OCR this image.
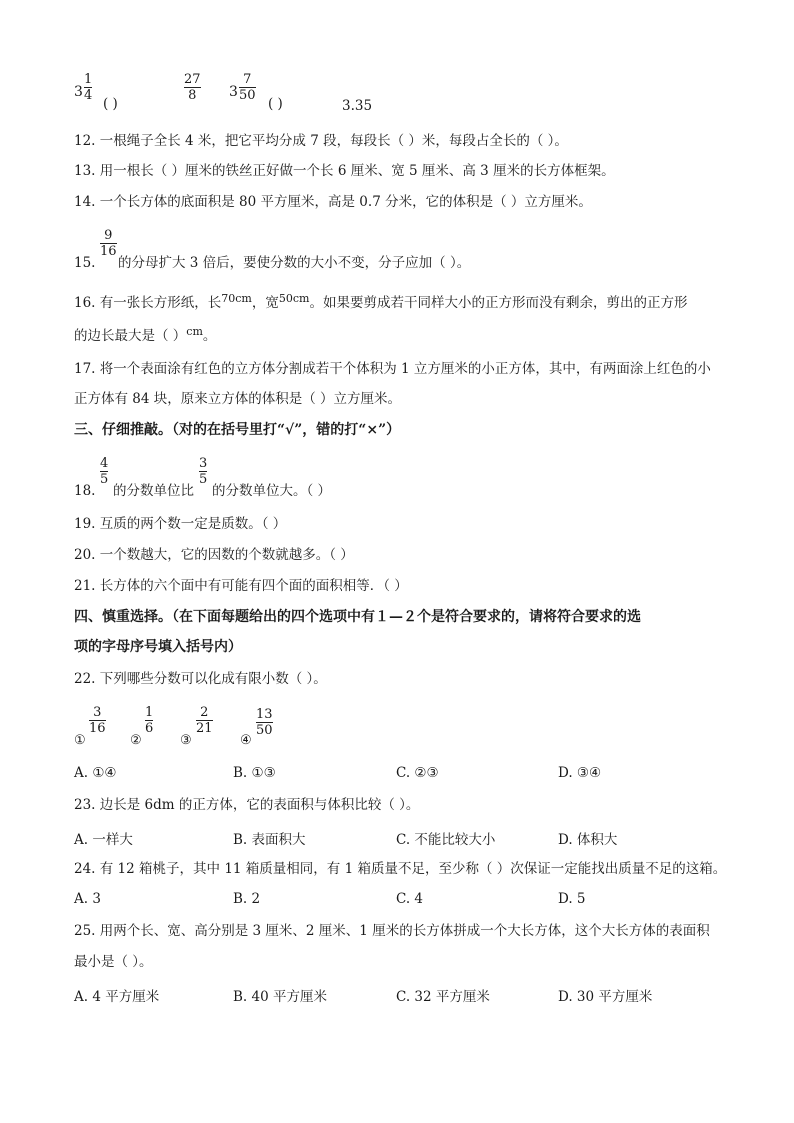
3
1
4
( )
27
8 3
7
50
( )	3.35
12. 一根绳子全长 4 米，把它平均分成 7 段，每段长（ ）米，每段占全长的（ ）。
13. 用一根长（ ）厘米的铁丝正好做一个长 6 厘米、宽 5 厘米、高 3 厘米的长方体框架。
14. 一个长方体的底面积是 80 平方厘米，高是 0.7 分米，它的体积是（ ）立方厘米。
15.
9
16
的分母扩大 3 倍后，要使分数的大小不变，分子应加（ ）。
16. 有一张长方形纸，长$^{70cm}$，宽$^{50cm}$。如果要剪成若干同样大小的正方形而没有剩余，剪出的正方形
的边长最大是（ ）$^{cm}$。
17. 将一个表面涂有红色的立方体分割成若干个体积为 1 立方厘米的小正方体，其中，有两面涂上红色的小
正方体有 84 块，原来立方体的体积是（ ）立方厘米。
三、仔细推敲。（对的在括号里打“√”，错的打“×”）
18.
4
5
的分数单位比
3
5
的分数单位大。（ ）
19. 互质的两个数一定是质数。（ ）
20. 一个数越大，它的因数的个数就越多。（ ）
21. 长方体的六个面中有可能有四个面的面积相等．（ ）
四、慎重选择。（在下面每题给出的四个选项中有１—２个是符合要求的，请将符合要求的选
项的字母序号填入括号内）
22. 下列哪些分数可以化成有限小数（ ）。
①
3
16
②
1
6
③
2
21
④
13
50
A. ①④	B. ①③	C. ②③	D. ③④
23. 边长是 6dm 的正方体，它的表面积与体积比较（ ）。
A. 一样大	B. 表面积大	C. 不能比较大小	D. 体积大
24. 有 12 箱桃子，其中 11 箱质量相同，有 1 箱质量不足，至少称（ ）次保证一定能找出质量不足的这箱。
A. 3	B. 2	C. 4	D. 5
25. 用两个长、宽、高分别是 3 厘米、2 厘米、1 厘米的长方体拼成一个大长方体，这个大长方体的表面积
最小是（ ）。
A. 4 平方厘米	B. 40 平方厘米	C. 32 平方厘米	D. 30 平方厘米
